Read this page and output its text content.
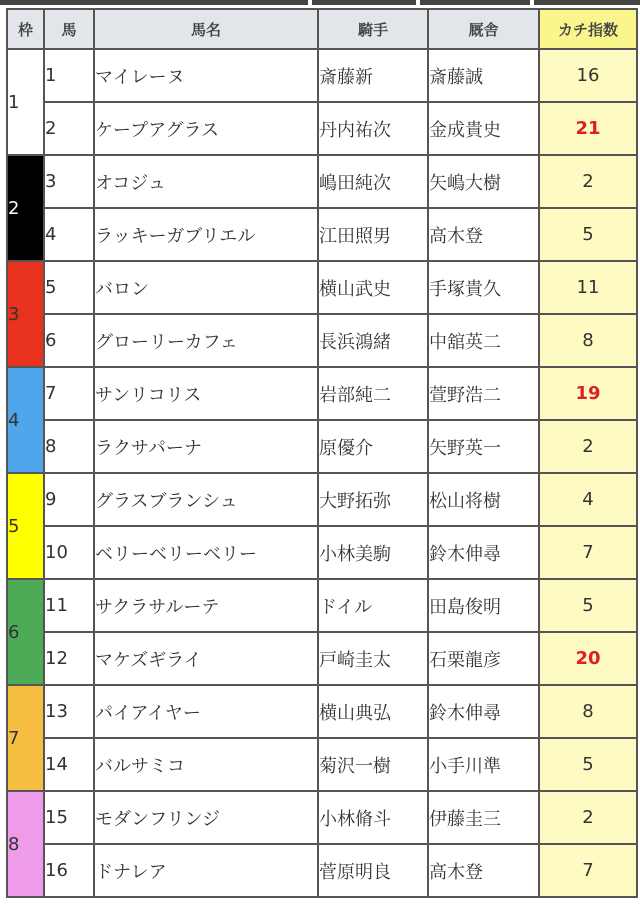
枠	馬	馬名	騎手	厩舎	カチ指数
1	1	マイレーヌ	斎藤新	斎藤誠	16
	2	ケープアグラス	丹内祐次	金成貴史	21
2	3	オコジュ	嶋田純次	矢嶋大樹	2
	4	ラッキーガブリエル	江田照男	高木登	5
3	5	バロン	横山武史	手塚貴久	11
	6	グローリーカフェ	長浜鴻緒	中舘英二	8
4	7	サンリコリス	岩部純二	萱野浩二	19
	8	ラクサパーナ	原優介	矢野英一	2
5	9	グラスブランシュ	大野拓弥	松山将樹	4
	10	ベリーベリーベリー	小林美駒	鈴木伸尋	7
6	11	サクラサルーテ	ドイル	田島俊明	5
	12	マケズギライ	戸崎圭太	石栗龍彦	20
7	13	パイアイヤー	横山典弘	鈴木伸尋	8
	14	バルサミコ	菊沢一樹	小手川準	5
8	15	モダンフリンジ	小林脩斗	伊藤圭三	2
	16	ドナレア	菅原明良	高木登	7
